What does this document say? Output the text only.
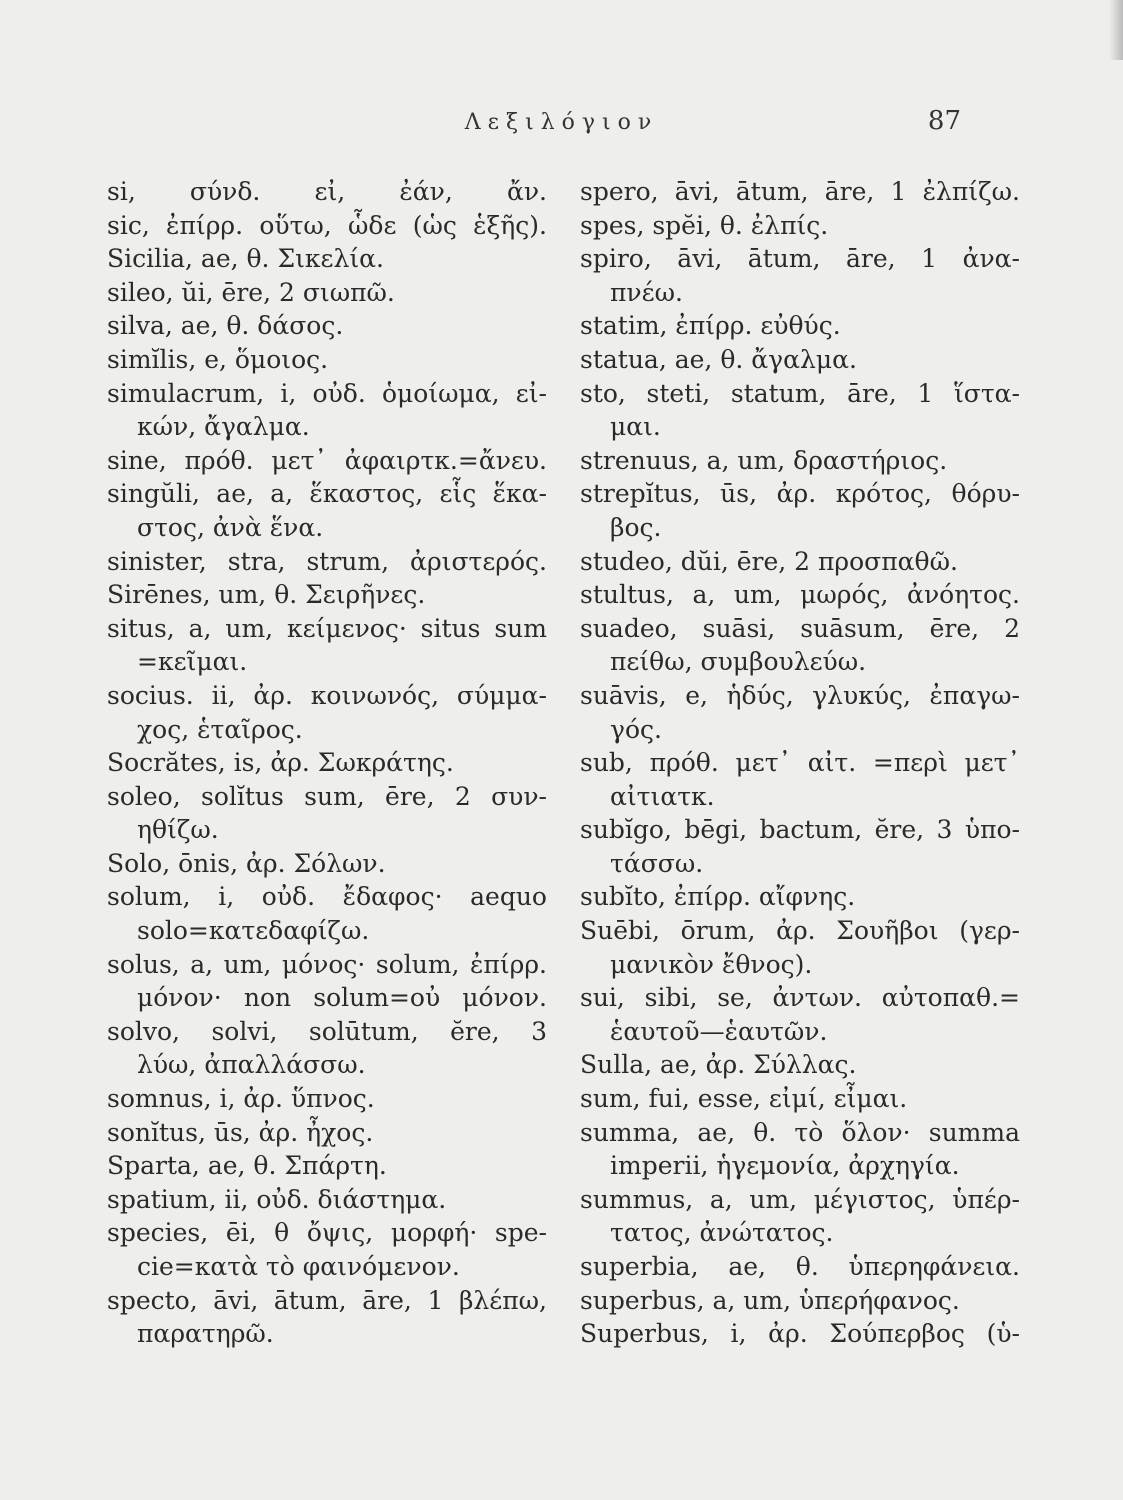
Λεξιλόγιον	87
si, σύνδ. εἰ, ἐάν, ἄν.
sic, ἐπίρρ. οὕτω, ὧδε (ὡς ἑξῆς).
Sicilia, ae, θ. Σικελία.
sileo, ŭi, ēre, 2 σιωπῶ.
silva, ae, θ. δάσος.
simĭlis, e, ὅμοιος.
simulacrum, i, οὐδ. ὁμοίωμα, εἰ-
κών, ἄγαλμα.
sine, πρόθ. μετ᾽ ἀφαιρτκ.=ἄνευ.
singŭli, ae, a, ἕκαστος, εἷς ἕκα-
στος, ἀνὰ ἕνα.
sinister, stra, strum, ἀριστερός.
Sirēnes, um, θ. Σειρῆνες.
situs, a, um, κείμενος· situs sum
=κεῖμαι.
socius. ii, ἀρ. κοινωνός, σύμμα-
χος, ἑταῖρος.
Socrătes, is, ἀρ. Σωκράτης.
soleo, solĭtus sum, ēre, 2 συν-
ηθίζω.
Solo, ōnis, ἀρ. Σόλων.
solum, i, οὐδ. ἔδαφος· aequo
solo=κατεδαφίζω.
solus, a, um, μόνος· solum, ἐπίρρ.
μόνον· non solum=οὐ μόνον.
solvo, solvi, solūtum, ĕre, 3
λύω, ἀπαλλάσσω.
somnus, i, ἀρ. ὕπνος.
sonĭtus, ūs, ἀρ. ἦχος.
Sparta, ae, θ. Σπάρτη.
spatium, ii, οὐδ. διάστημα.
species, ēi, θ ὄψις, μορφή· spe-
cie=κατὰ τὸ φαινόμενον.
specto, āvi, ātum, āre, 1 βλέπω,
παρατηρῶ.
spero, āvi, ātum, āre, 1 ἐλπίζω.
spes, spĕi, θ. ἐλπίς.
spiro, āvi, ātum, āre, 1 ἀνα-
πνέω.
statim, ἐπίρρ. εὐθύς.
statua, ae, θ. ἄγαλμα.
sto, steti, statum, āre, 1 ἵστα-
μαι.
strenuus, a, um, δραστήριος.
strepĭtus, ūs, ἀρ. κρότος, θόρυ-
βος.
studeo, dŭi, ēre, 2 προσπαθῶ.
stultus, a, um, μωρός, ἀνόητος.
suadeo, suāsi, suāsum, ēre, 2
πείθω, συμβουλεύω.
suāvis, e, ἡδύς, γλυκύς, ἐπαγω-
γός.
sub, πρόθ. μετ᾽ αἰτ. =περὶ μετ᾽
αἰτιατκ.
subĭgo, bēgi, bactum, ĕre, 3 ὑπο-
τάσσω.
subĭto, ἐπίρρ. αἴφνης.
Suēbi, ōrum, ἀρ. Σουῆβοι (γερ-
μανικὸν ἔθνος).
sui, sibi, se, ἀντων. αὐτοπαθ.=
ἑαυτοῦ—ἑαυτῶν.
Sulla, ae, ἀρ. Σύλλας.
sum, fui, esse, εἰμί, εἶμαι.
summa, ae, θ. τὸ ὅλον· summa
imperii, ἡγεμονία, ἀρχηγία.
summus, a, um, μέγιστος, ὑπέρ-
τατος, ἀνώτατος.
superbia, ae, θ. ὑπερηφάνεια.
superbus, a, um, ὑπερήφανος.
Superbus, i, ἀρ. Σούπερβος (ὑ-
